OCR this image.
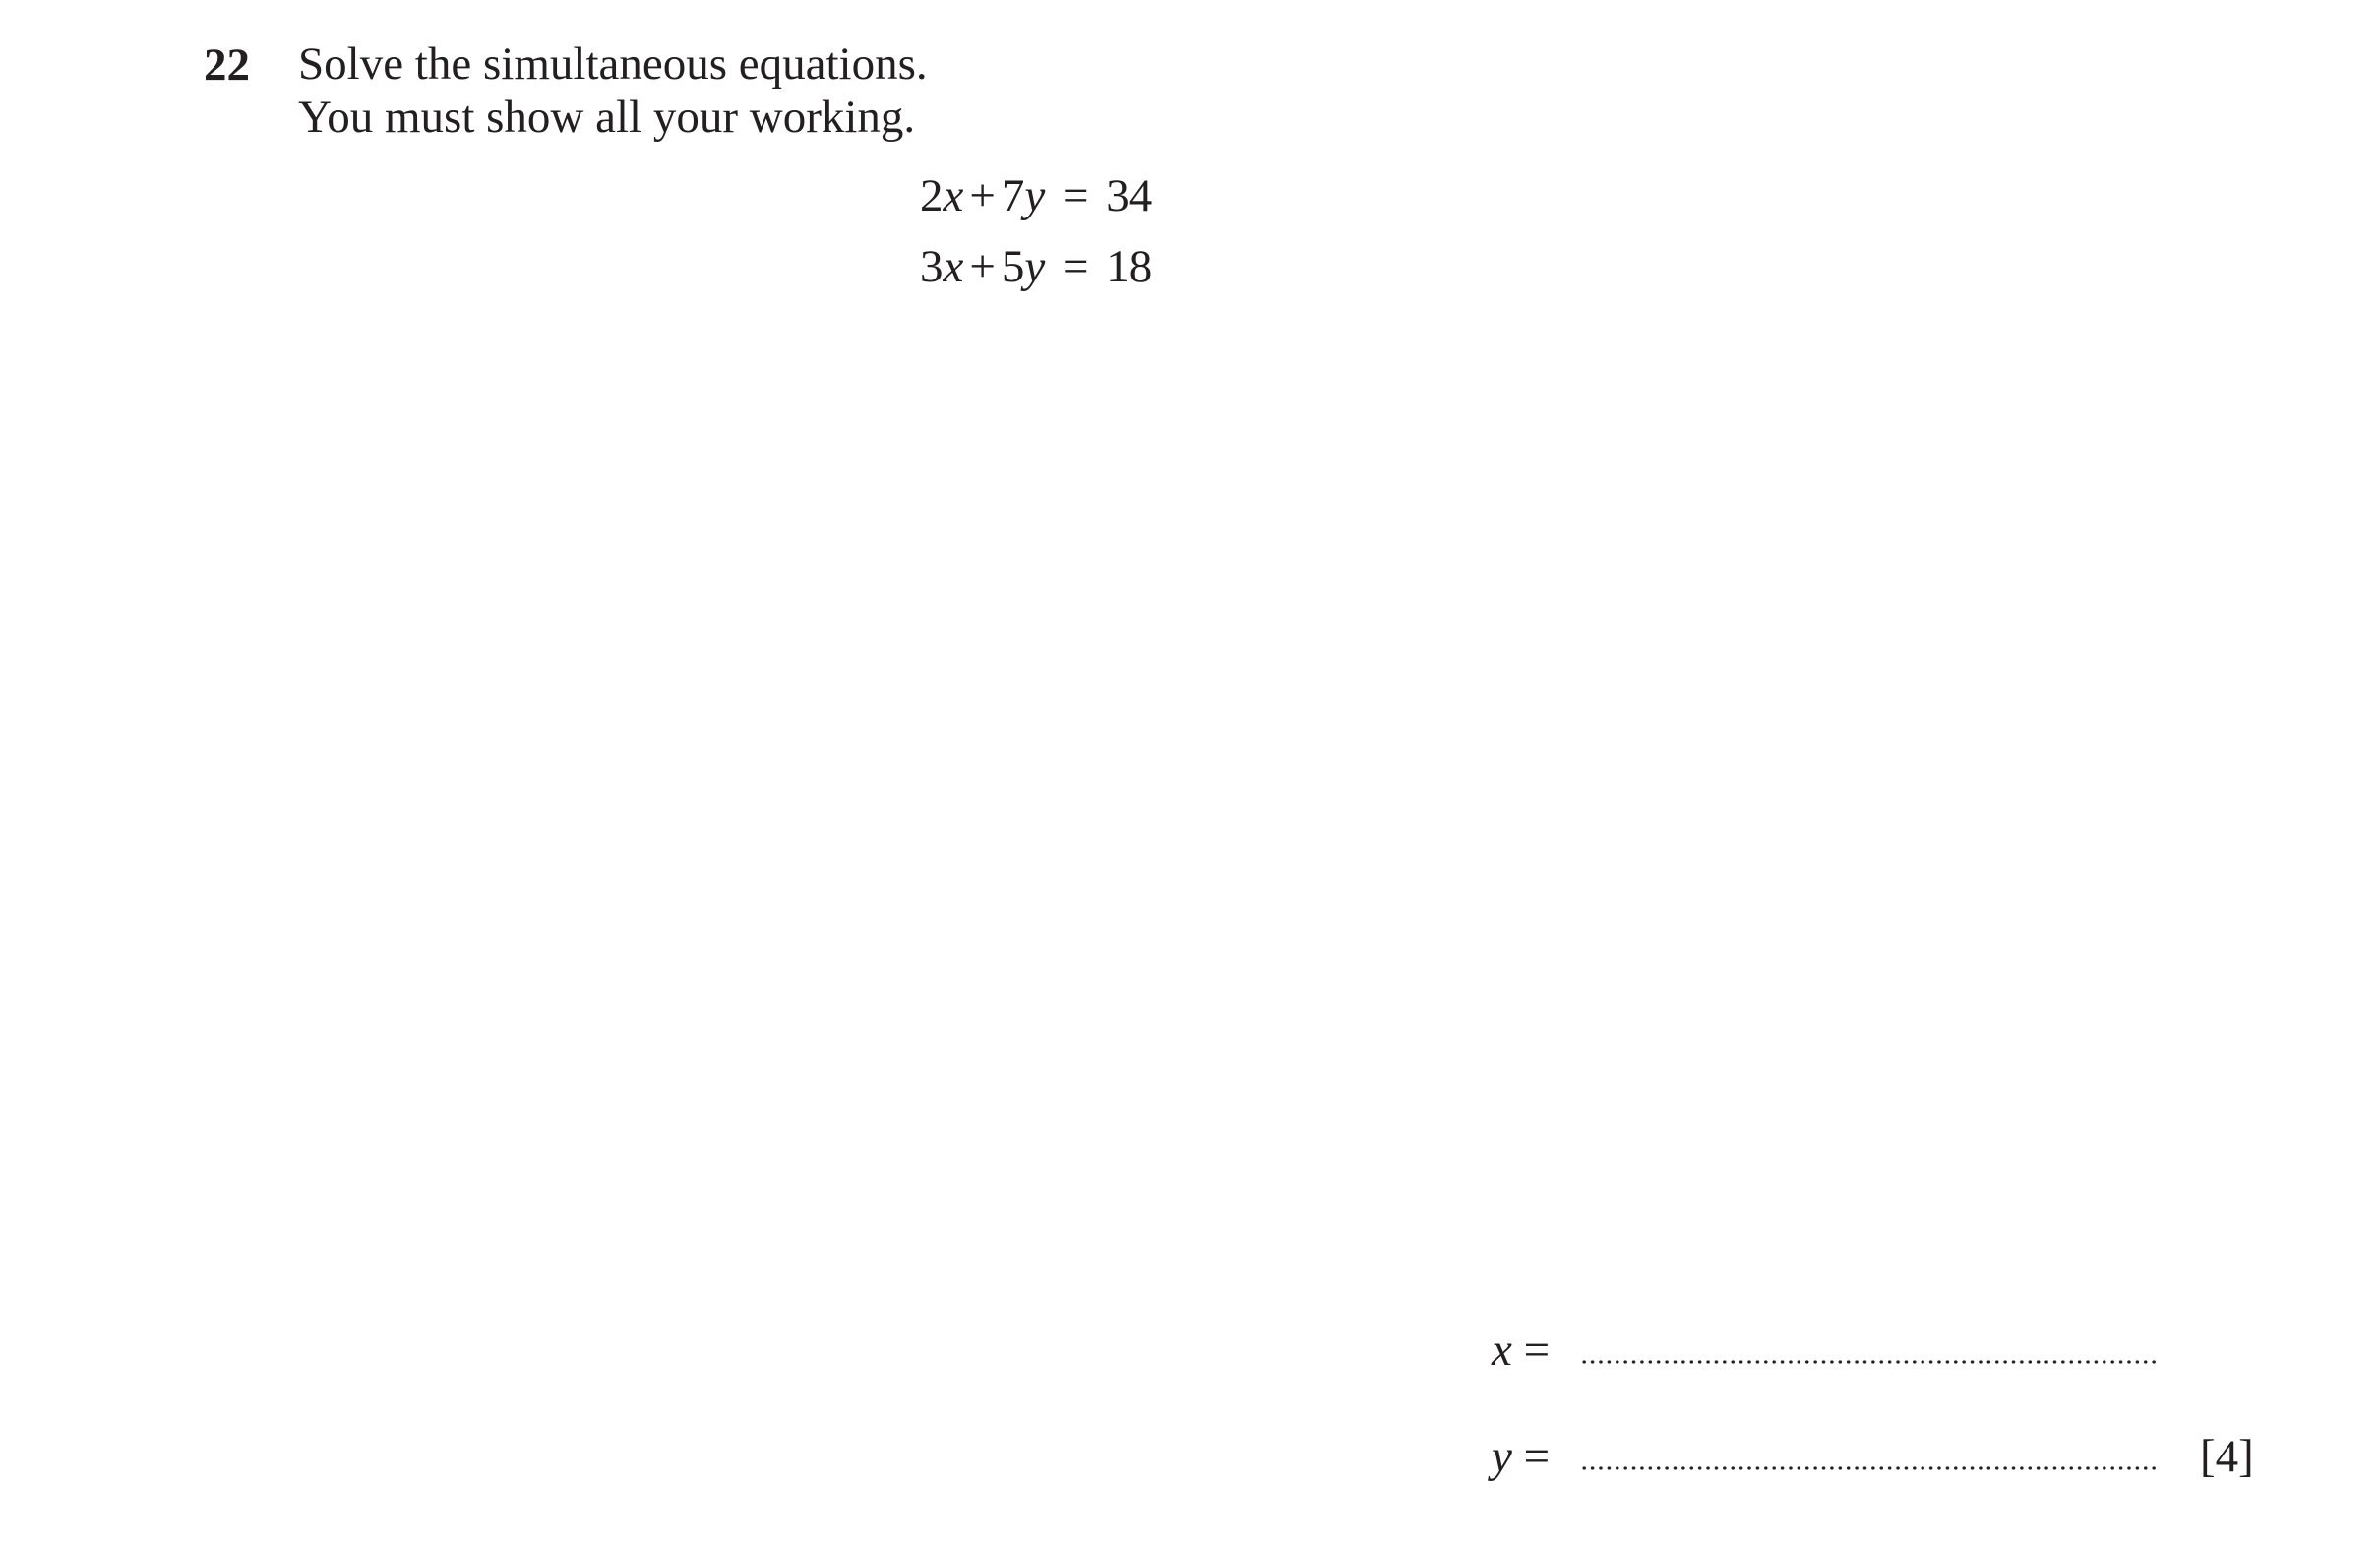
22 Solve the simultaneous equations.
You must show all your working.
2x + 7y = 34
3x + 5y = 18
x =
y =	[4]
